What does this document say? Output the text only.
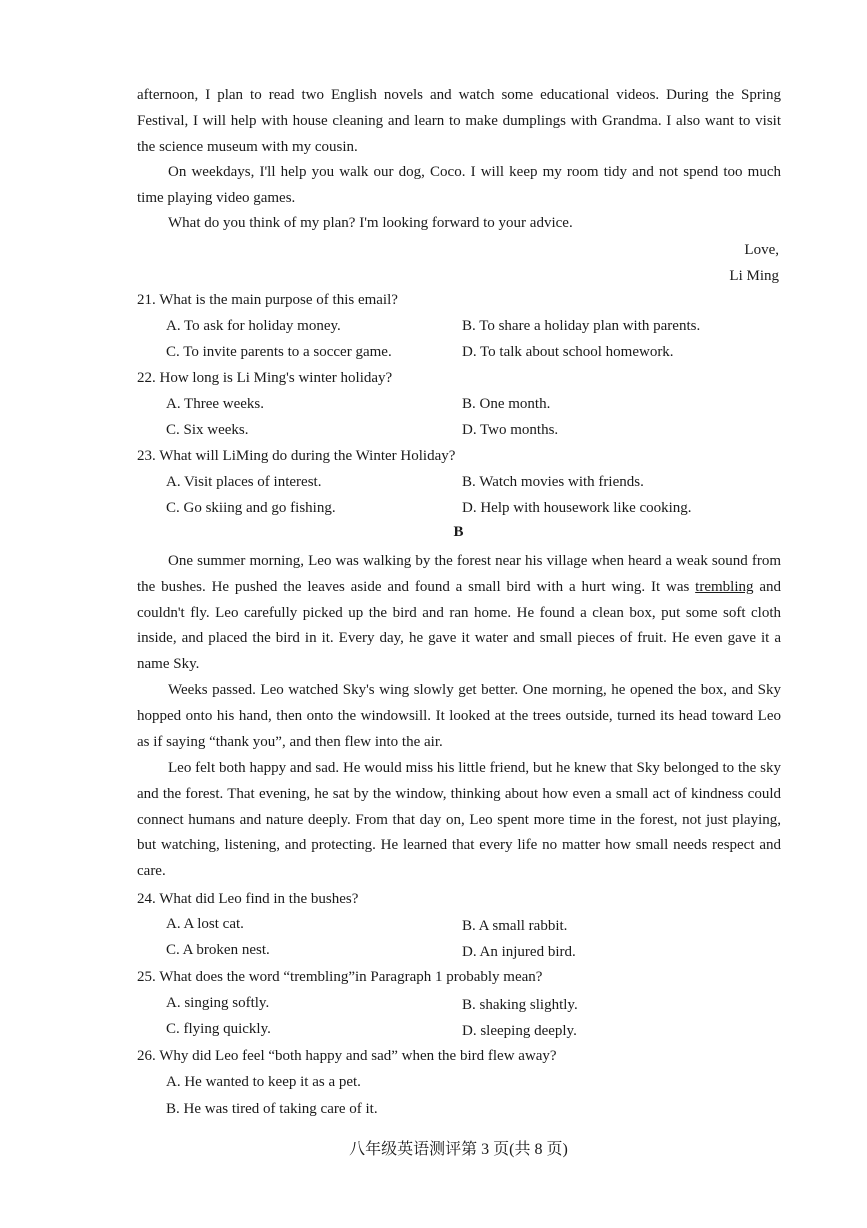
afternoon, I plan to read two English novels and watch some educational videos. During the Spring Festival, I will help with house cleaning and learn to make dumplings with Grandma. I also want to visit the science museum with my cousin.

On weekdays, I'll help you walk our dog, Coco. I will keep my room tidy and not spend too much time playing video games.

What do you think of my plan? I'm looking forward to your advice.

Love,
Li Ming
21. What is the main purpose of this email?
A. To ask for holiday money.	B. To share a holiday plan with parents.
C. To invite parents to a soccer game.	D. To talk about school homework.
22. How long is Li Ming's winter holiday?
A. Three weeks.	B. One month.
C. Six weeks.	D. Two months.
23. What will LiMing do during the Winter Holiday?
A. Visit places of interest.	B. Watch movies with friends.
C. Go skiing and go fishing.	D. Help with housework like cooking.
B

One summer morning, Leo was walking by the forest near his village when heard a weak sound from the bushes. He pushed the leaves aside and found a small bird with a hurt wing. It was trembling and couldn't fly. Leo carefully picked up the bird and ran home. He found a clean box, put some soft cloth inside, and placed the bird in it. Every day, he gave it water and small pieces of fruit. He even gave it a name Sky.

Weeks passed. Leo watched Sky's wing slowly get better. One morning, he opened the box, and Sky hopped onto his hand, then onto the windowsill. It looked at the trees outside, turned its head toward Leo as if saying “thank you”, and then flew into the air.

Leo felt both happy and sad. He would miss his little friend, but he knew that Sky belonged to the sky and the forest. That evening, he sat by the window, thinking about how even a small act of kindness could connect humans and nature deeply. From that day on, Leo spent more time in the forest, not just playing, but watching, listening, and protecting. He learned that every life no matter how small needs respect and care.

24. What did Leo find in the bushes?
A. A lost cat.	B. A small rabbit.
C. A broken nest.	D. An injured bird.
25. What does the word “trembling”in Paragraph 1 probably mean?
A. singing softly.	B. shaking slightly.
C. flying quickly.	D. sleeping deeply.
26. Why did Leo feel “both happy and sad” when the bird flew away?
A. He wanted to keep it as a pet.
B. He was tired of taking care of it.
八年级英语测评第 3 页(共 8 页)
